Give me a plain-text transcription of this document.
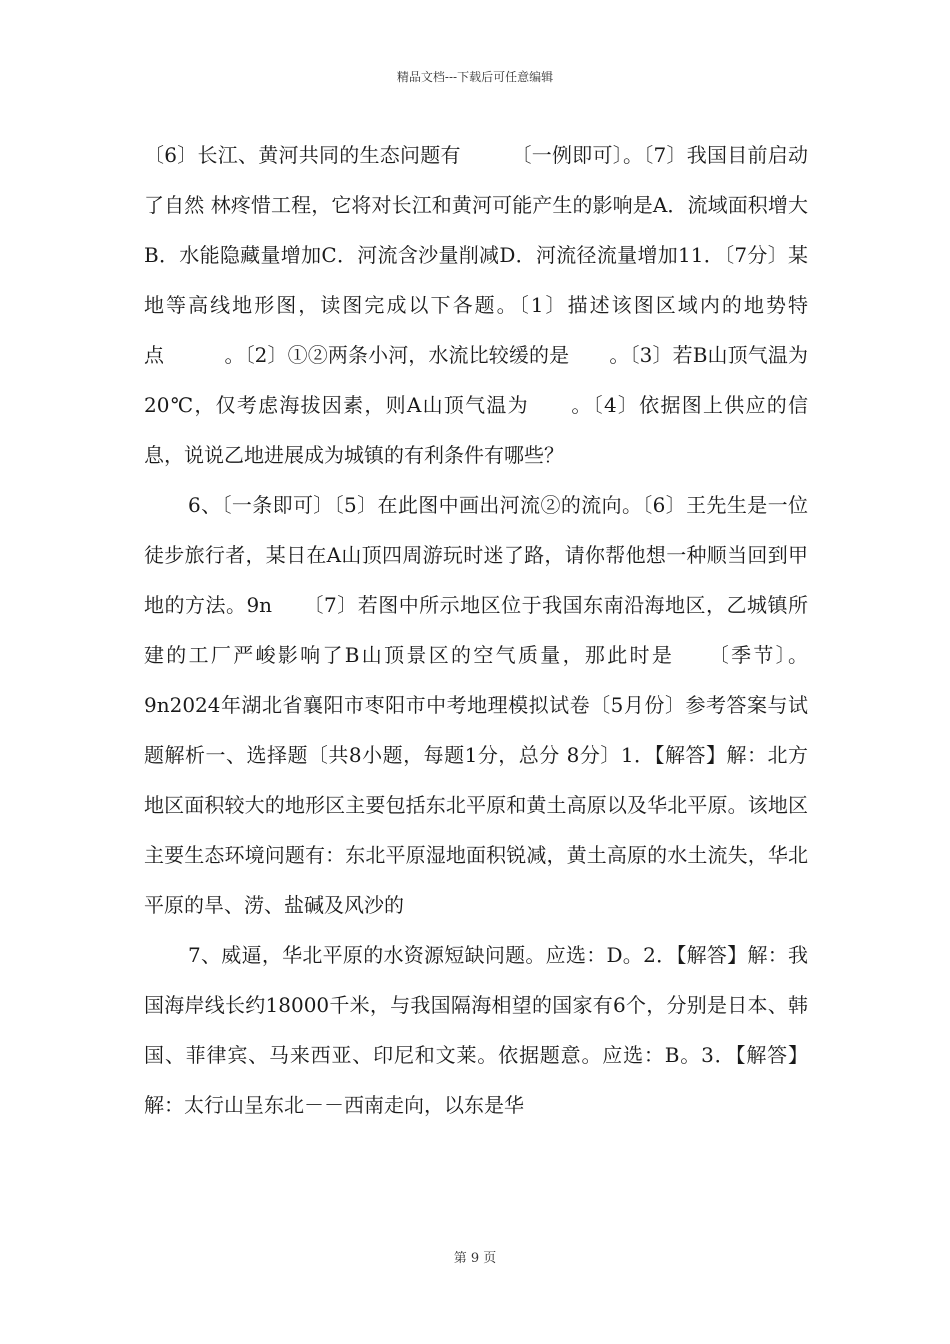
精品文档---下载后可任意编辑

〔6〕长江、黄河共同的生态问题有　　　〔一例即可〕。〔7〕我国目前启动了自然 林疼惜工程，它将对长江和黄河可能产生的影响是A．流域面积增大B．水能隐藏量增加C．河流含沙量削减D．河流径流量增加11．〔7分〕某地等高线地形图，读图完成以下各题。〔1〕描述该图区域内的地势特点　　　。〔2〕①②两条小河，水流比较缓的是　　。〔3〕若B山顶气温为20℃，仅考虑海拔因素，则A山顶气温为　　。〔4〕依据图上供应的信息，说说乙地进展成为城镇的有利条件有哪些？

6、〔一条即可〕〔5〕在此图中画出河流②的流向。〔6〕王先生是一位徒步旅行者，某日在A山顶四周游玩时迷了路，请你帮他想一种顺当回到甲地的方法。9n　　〔7〕若图中所示地区位于我国东南沿海地区，乙城镇所建的工厂严峻影响了B山顶景区的空气质量，那此时是　　〔季节〕。9n2024年湖北省襄阳市枣阳市中考地理模拟试卷〔5月份〕参考答案与试题解析一、选择题〔共8小题，每题1分，总分 8分〕1．【解答】解：北方地区面积较大的地形区主要包括东北平原和黄土高原以及华北平原。该地区主要生态环境问题有：东北平原湿地面积锐减，黄土高原的水土流失，华北平原的旱、涝、盐碱及风沙的

7、威逼，华北平原的水资源短缺问题。应选：D。2．【解答】解：我国海岸线长约18000千米，与我国隔海相望的国家有6个，分别是日本、韩国、菲律宾、马来西亚、印尼和文莱。依据题意。应选：B。3．【解答】解：太行山呈东北－－西南走向，以东是华

第 9 页
